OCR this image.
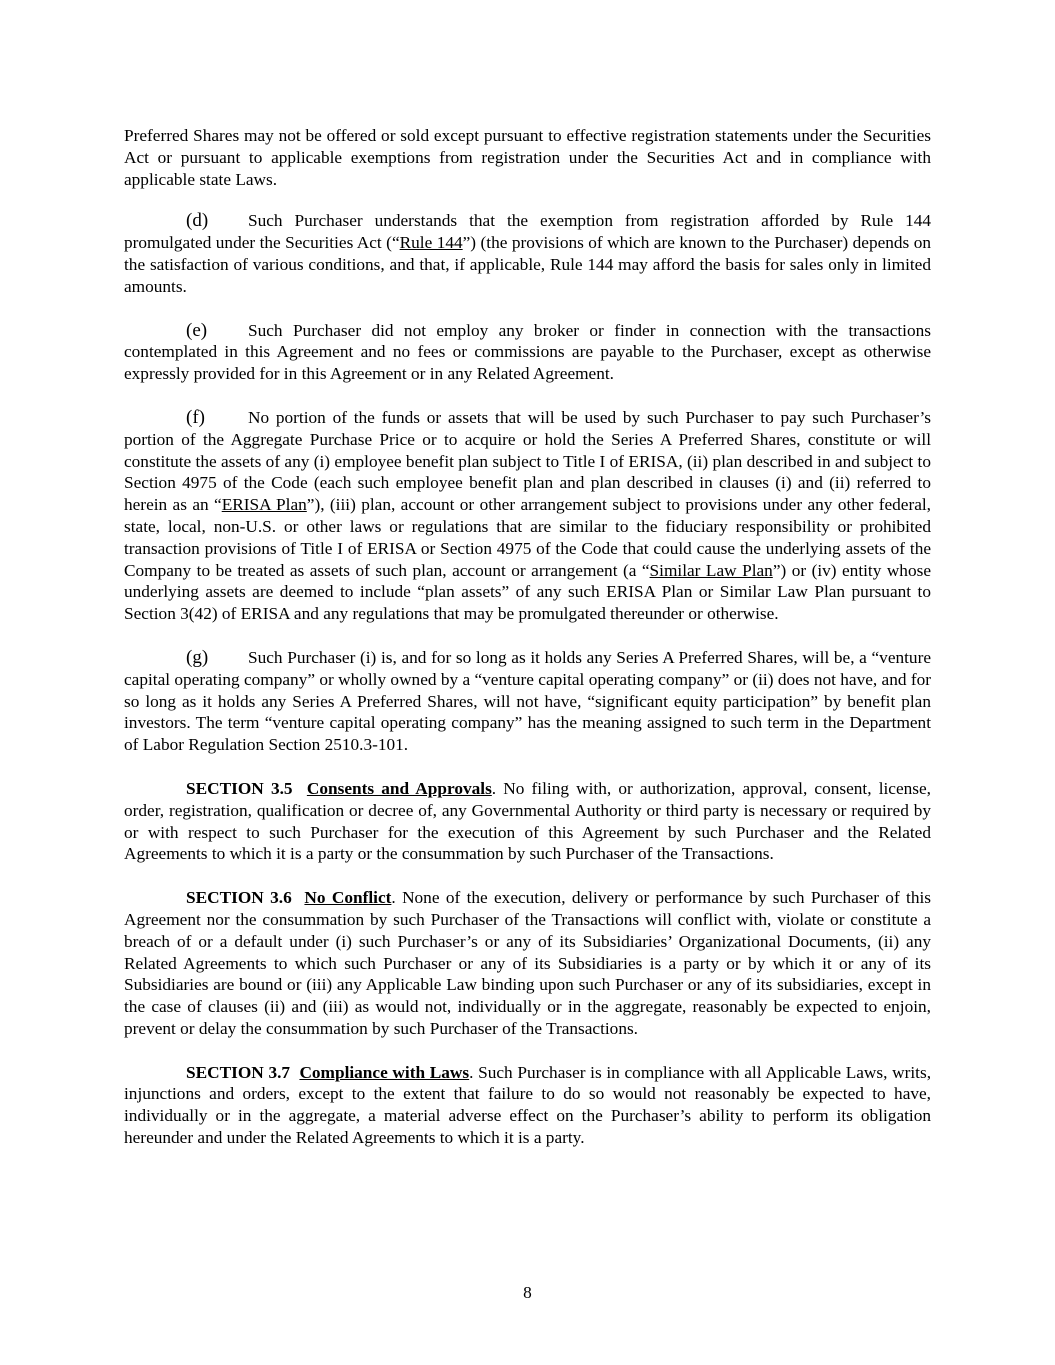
Preferred Shares may not be offered or sold except pursuant to effective registration statements under the Securities Act or pursuant to applicable exemptions from registration under the Securities Act and in compliance with applicable state Laws.

(d) Such Purchaser understands that the exemption from registration afforded by Rule 144 promulgated under the Securities Act (“Rule 144”) (the provisions of which are known to the Purchaser) depends on the satisfaction of various conditions, and that, if applicable, Rule 144 may afford the basis for sales only in limited amounts.

(e) Such Purchaser did not employ any broker or finder in connection with the transactions contemplated in this Agreement and no fees or commissions are payable to the Purchaser, except as otherwise expressly provided for in this Agreement or in any Related Agreement.

(f) No portion of the funds or assets that will be used by such Purchaser to pay such Purchaser’s portion of the Aggregate Purchase Price or to acquire or hold the Series A Preferred Shares, constitute or will constitute the assets of any (i) employee benefit plan subject to Title I of ERISA, (ii) plan described in and subject to Section 4975 of the Code (each such employee benefit plan and plan described in clauses (i) and (ii) referred to herein as an “ERISA Plan”), (iii) plan, account or other arrangement subject to provisions under any other federal, state, local, non-U.S. or other laws or regulations that are similar to the fiduciary responsibility or prohibited transaction provisions of Title I of ERISA or Section 4975 of the Code that could cause the underlying assets of the Company to be treated as assets of such plan, account or arrangement (a “Similar Law Plan”) or (iv) entity whose underlying assets are deemed to include “plan assets” of any such ERISA Plan or Similar Law Plan pursuant to Section 3(42) of ERISA and any regulations that may be promulgated thereunder or otherwise.

(g) Such Purchaser (i) is, and for so long as it holds any Series A Preferred Shares, will be, a “venture capital operating company” or wholly owned by a “venture capital operating company” or (ii) does not have, and for so long as it holds any Series A Preferred Shares, will not have, “significant equity participation” by benefit plan investors. The term “venture capital operating company” has the meaning assigned to such term in the Department of Labor Regulation Section 2510.3-101.

SECTION 3.5 Consents and Approvals. No filing with, or authorization, approval, consent, license, order, registration, qualification or decree of, any Governmental Authority or third party is necessary or required by or with respect to such Purchaser for the execution of this Agreement by such Purchaser and the Related Agreements to which it is a party or the consummation by such Purchaser of the Transactions.

SECTION 3.6 No Conflict. None of the execution, delivery or performance by such Purchaser of this Agreement nor the consummation by such Purchaser of the Transactions will conflict with, violate or constitute a breach of or a default under (i) such Purchaser’s or any of its Subsidiaries’ Organizational Documents, (ii) any Related Agreements to which such Purchaser or any of its Subsidiaries is a party or by which it or any of its Subsidiaries are bound or (iii) any Applicable Law binding upon such Purchaser or any of its subsidiaries, except in the case of clauses (ii) and (iii) as would not, individually or in the aggregate, reasonably be expected to enjoin, prevent or delay the consummation by such Purchaser of the Transactions.

SECTION 3.7 Compliance with Laws. Such Purchaser is in compliance with all Applicable Laws, writs, injunctions and orders, except to the extent that failure to do so would not reasonably be expected to have, individually or in the aggregate, a material adverse effect on the Purchaser’s ability to perform its obligation hereunder and under the Related Agreements to which it is a party.

8
